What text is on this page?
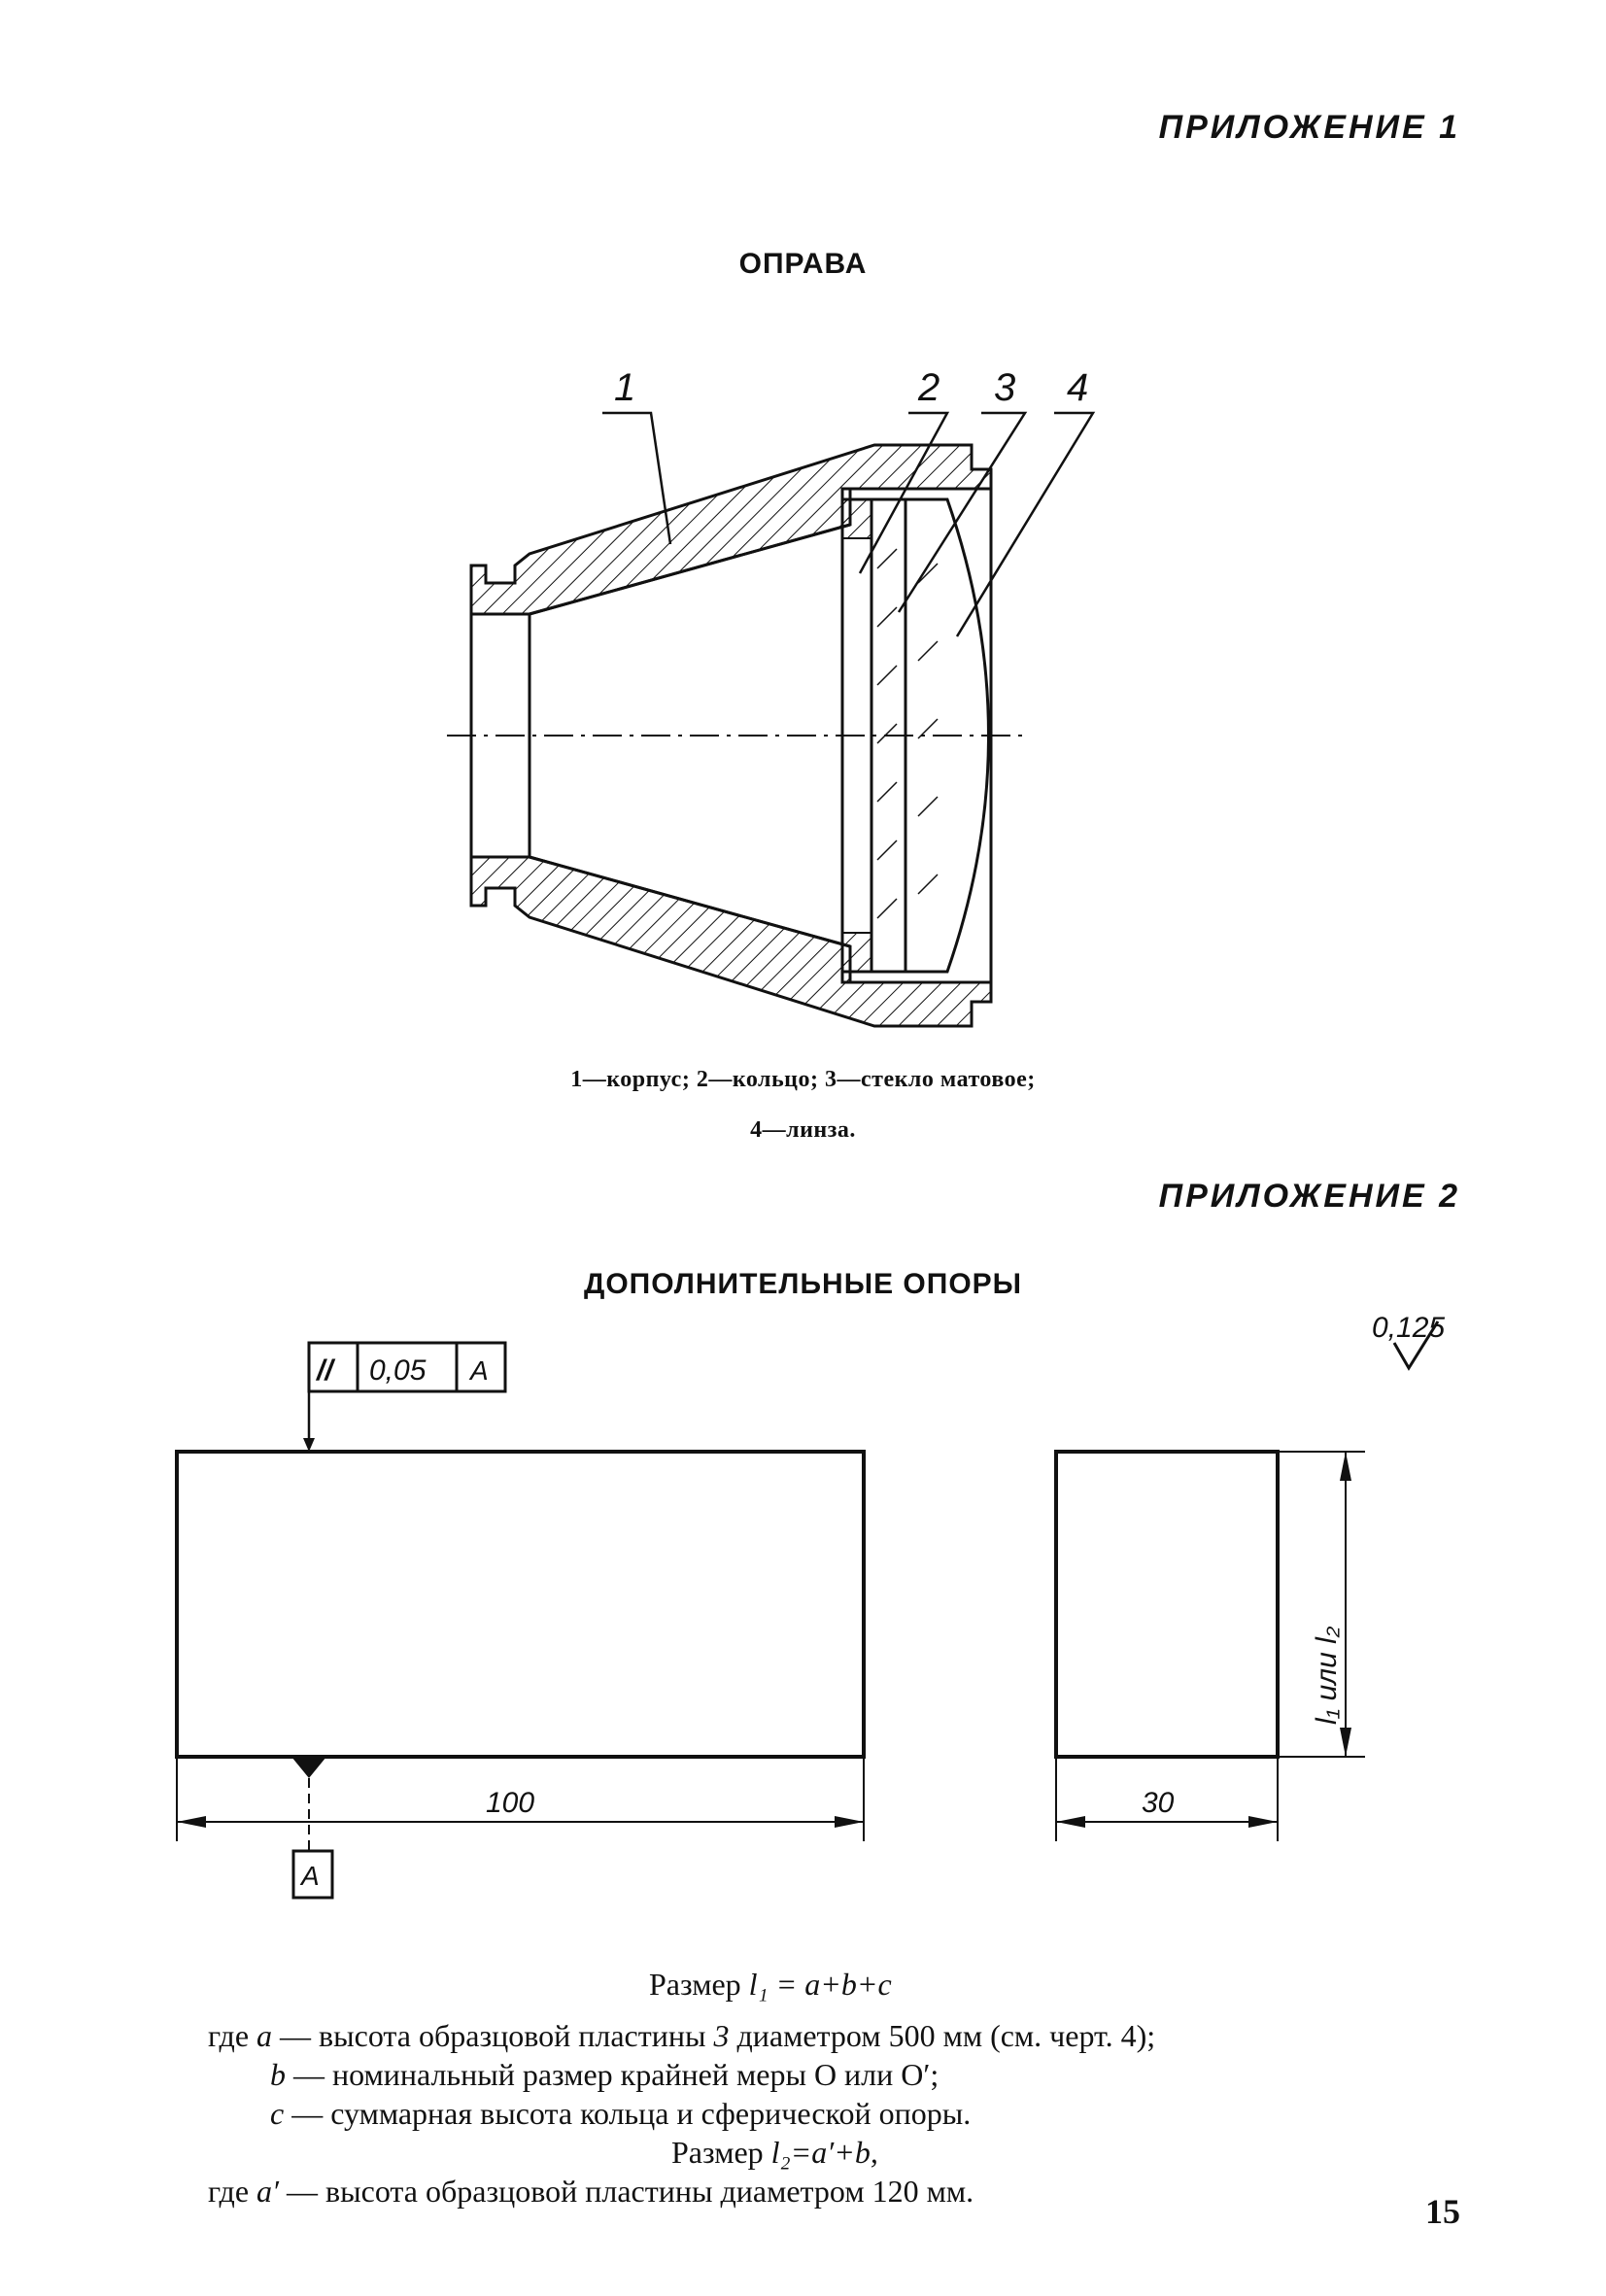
ПРИЛОЖЕНИЕ 1
ОПРАВА
1	2 3 4
1—корпус; 2—кольцо; 3—стекло матовое;
4—линза.
ПРИЛОЖЕНИЕ 2
ДОПОЛНИТЕЛЬНЫЕ ОПОРЫ
0,125
// 0,05 A
A
100
l₁ или l₂
30

Размер l₁ = a+b+c

где a — высота образцовой пластины 3 диаметром 500 мм (см. черт. 4);

b — номинальный размер крайней меры О или О′;

c — суммарная высота кольца и сферической опоры.

Размер l₂=a′+b,

где a′ — высота образцовой пластины диаметром 120 мм.

15
